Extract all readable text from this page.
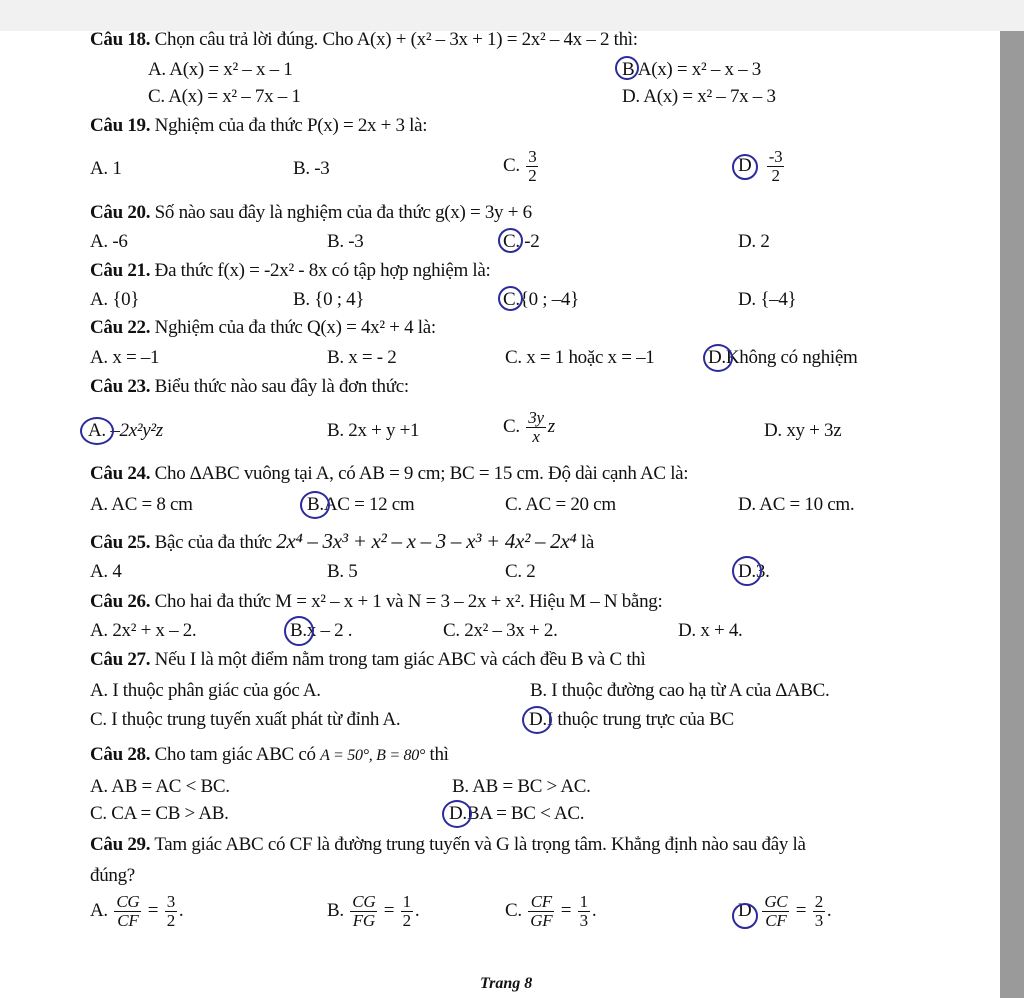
Câu 18. Chọn câu trả lời đúng. Cho A(x) + (x² – 3x + 1) = 2x² – 4x – 2 thì:
A. A(x) = x² – x – 1	B A(x) = x² – x – 3
C. A(x) = x² – 7x – 1	D. A(x) = x² – 7x – 3
Câu 19. Nghiệm của đa thức P(x) = 2x + 3 là:
A. 1	B. -3	C. $\frac{3}{2}$	D $\frac{-3}{2}$
Câu 20. Số nào sau đây là nghiệm của đa thức g(x) = 3y + 6
A. -6	B. -3	C. -2	D. 2
Câu 21. Đa thức f(x) = -2x² - 8x có tập hợp nghiệm là:
A. {0}	B. {0 ; 4}	C.{0 ; –4}	D. {–4}
Câu 22. Nghiệm của đa thức Q(x) = 4x² + 4 là:
A. x = –1	B. x = - 2	C. x = 1 hoặc x = –1	D.Không có nghiệm
Câu 23. Biểu thức nào sau đây là đơn thức:
A. –2x²y²z	B. 2x + y +1	C. $\frac{3y}{x}$ z	D. xy + 3z
Câu 24. Cho ∆ABC vuông tại A, có AB = 9 cm; BC = 15 cm. Độ dài cạnh AC là:
A. AC = 8 cm	B.AC = 12 cm	C. AC = 20 cm	D. AC = 10 cm.
Câu 25. Bậc của đa thức 2x⁴ – 3x³ + x² – x – 3 – x³ + 4x² – 2x⁴ là
A. 4	B. 5	C. 2	D.3.
Câu 26. Cho hai đa thức M = x² – x + 1 và N = 3 – 2x + x². Hiệu M – N bằng:
A. 2x² + x – 2.	B.x – 2 .	C. 2x² – 3x + 2.	D. x + 4.
Câu 27. Nếu I là một điểm nằm trong tam giác ABC và cách đều B và C thì
A. I thuộc phân giác của góc A.	B. I thuộc đường cao hạ từ A của ∆ABC.
C. I thuộc trung tuyến xuất phát từ đỉnh A.	D.I thuộc trung trực của BC
Câu 28. Cho tam giác ABC có A = 50°, B = 80° thì
A. AB = AC < BC.	B. AB = BC > AC.
C. CA = CB > AB.	D.BA = BC < AC.
Câu 29. Tam giác ABC có CF là đường trung tuyến và G là trọng tâm. Khẳng định nào sau đây là
đúng?
A. $\frac{CG}{CF} = \frac{3}{2}$ .	B. $\frac{CG}{FG} = \frac{1}{2}$ .	C. $\frac{CF}{GF} = \frac{1}{3}$ .	D $\frac{GC}{CF} = \frac{2}{3}$ .
Trang 8
